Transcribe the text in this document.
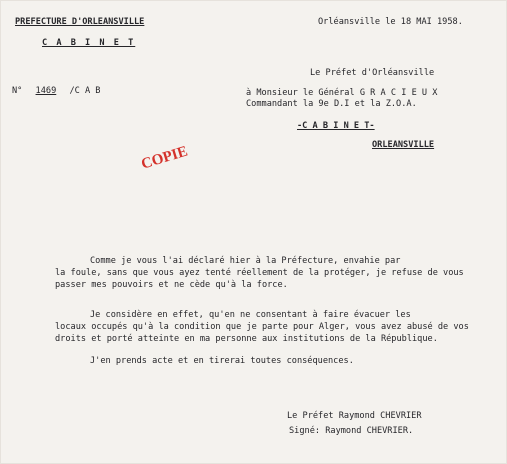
PREFECTURE D'ORLEANSVILLE
C A B I N E T
Orléansville le 18 MAI 1958.
N° 1469 /C A B
Le Préfet d'Orléansville
à Monsieur le Général G R A C I E U X
Commandant la 9e D.I et la Z.O.A.
-C A B I N E T-
ORLEANSVILLE
COPIE
Comme je vous l'ai déclaré hier à la Préfecture, envahie par
la foule, sans que vous ayez tenté réellement de la protéger, je refuse de vous
passer mes pouvoirs et ne cède qu'à la force.
Je considère en effet, qu'en ne consentant à faire évacuer les
locaux occupés qu'à la condition que je parte pour Alger, vous avez abusé de vos
droits et porté atteinte en ma personne aux institutions de la République.
J'en prends acte et en tirerai toutes conséquences.
Le Préfet Raymond CHEVRIER
Signé: Raymond CHEVRIER.
